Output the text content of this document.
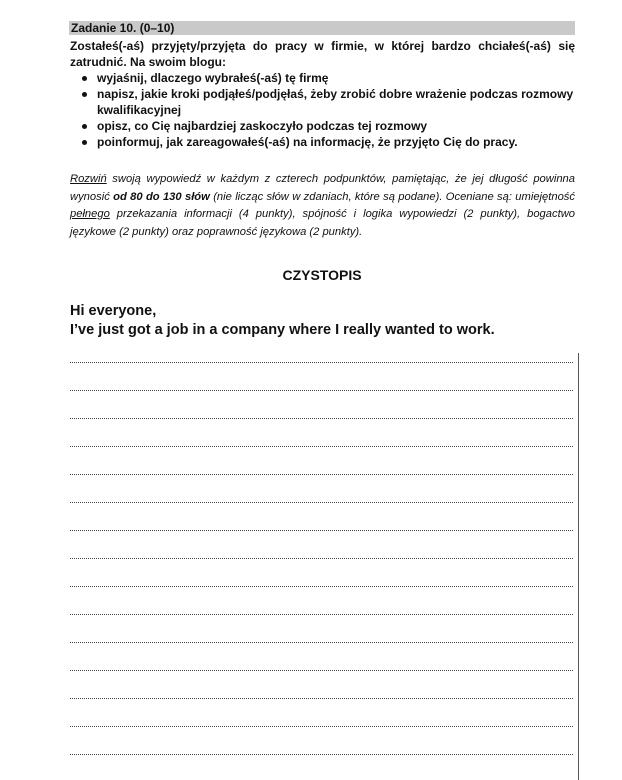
Zadanie 10. (0–10)
Zostałeś(-aś) przyjęty/przyjęta do pracy w firmie, w której bardzo chciałeś(-aś) się zatrudnić. Na swoim blogu:
wyjaśnij, dlaczego wybrałeś(-aś) tę firmę
napisz, jakie kroki podjąłeś/podjęłaś, żeby zrobić dobre wrażenie podczas rozmowy kwalifikacyjnej
opisz, co Cię najbardziej zaskoczyło podczas tej rozmowy
poinformuj, jak zareagowałeś(-aś) na informację, że przyjęto Cię do pracy.
Rozwiń swoją wypowiedź w każdym z czterech podpunktów, pamiętając, że jej długość powinna wynosić od 80 do 130 słów (nie licząc słów w zdaniach, które są podane). Oceniane są: umiejętność pełnego przekazania informacji (4 punkty), spójność i logika wypowiedzi (2 punkty), bogactwo językowe (2 punkty) oraz poprawność językowa (2 punkty).
CZYSTOPIS
Hi everyone,
I’ve just got a job in a company where I really wanted to work.
